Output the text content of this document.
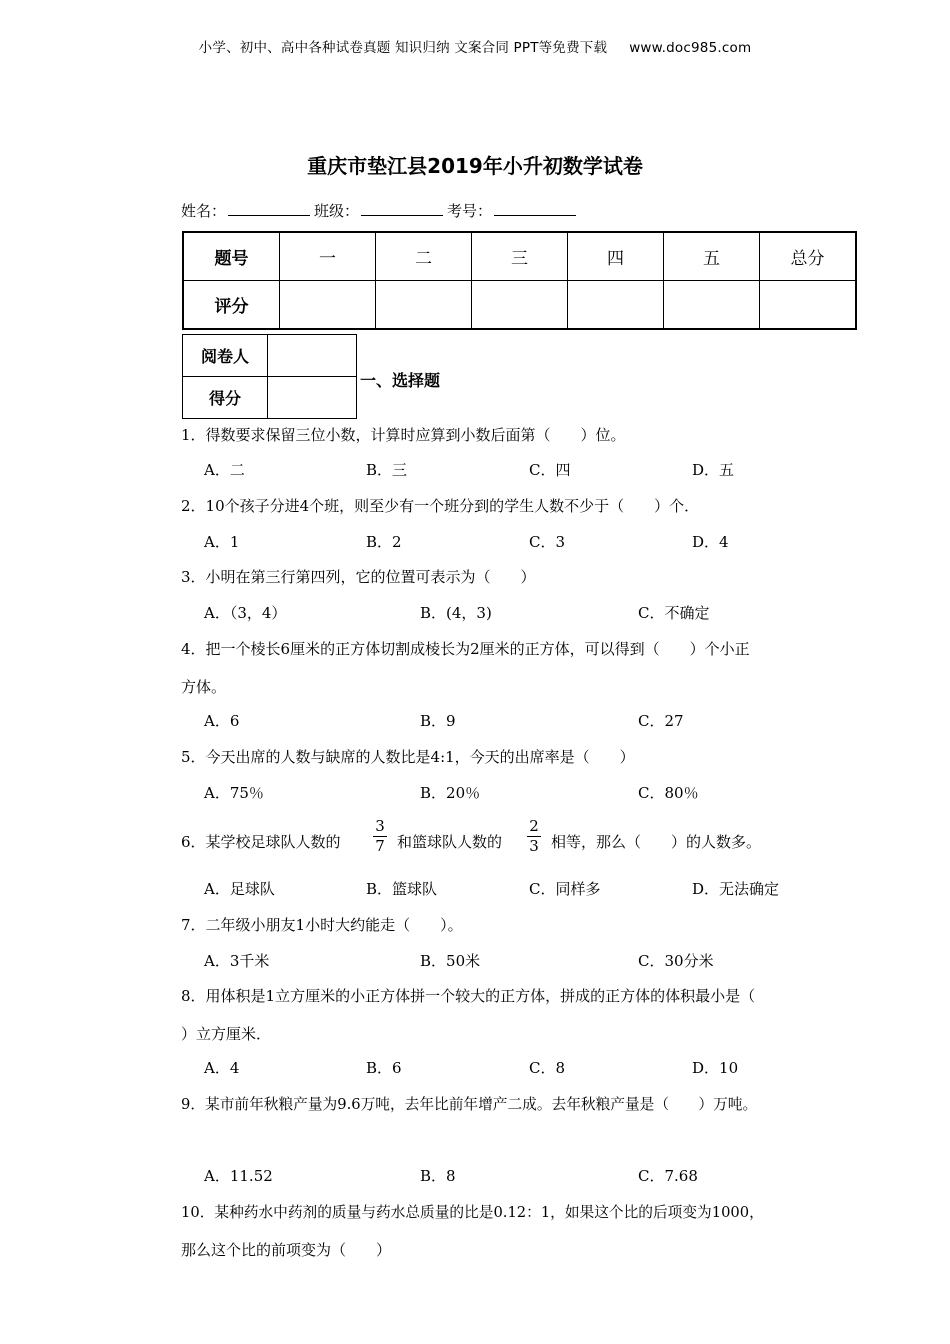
小学、初中、高中各种试卷真题 知识归纳 文案合同 PPT等免费下载 www.doc985.com
重庆市垫江县2019年小升初数学试卷
姓名：	班级：	考号：
题号	一	二	三	四	五	总分
评分						
阅卷人	
得分	
一、选择题
1．得数要求保留三位小数，计算时应算到小数后面第（　　）位。
A．二	B．三	C．四	D．五
2．10个孩子分进4个班，则至少有一个班分到的学生人数不少于（　　）个．
A．1	B．2	C．3	D．4
3．小明在第三行第四列，它的位置可表示为（　　）
A．（3，4）	B．(4，3)	C．不确定
4．把一个棱长6厘米的正方体切割成棱长为2厘米的正方体，可以得到（　　）个小正
方体。
A．6	B．9	C．27
5．今天出席的人数与缺席的人数比是4:1，今天的出席率是（　　）
A．75％	B．20％	C．80％
6．某学校足球队人数的
3
7 和篮球队人数的
2
3 相等，那么（　　）的人数多。
A．足球队	B．篮球队	C．同样多	D．无法确定
7．二年级小朋友1小时大约能走（　　）。
A．3千米	B．50米	C．30分米
8．用体积是1立方厘米的小正方体拼一个较大的正方体，拼成的正方体的体积最小是（
）立方厘米．
A．4	B．6	C．8	D．10
9．某市前年秋粮产量为9.6万吨，去年比前年增产二成。去年秋粮产量是（　　）万吨。
A．11.52	B．8	C．7.68
10．某种药水中药剂的质量与药水总质量的比是0.12：1，如果这个比的后项变为1000，
那么这个比的前项变为（　　）
